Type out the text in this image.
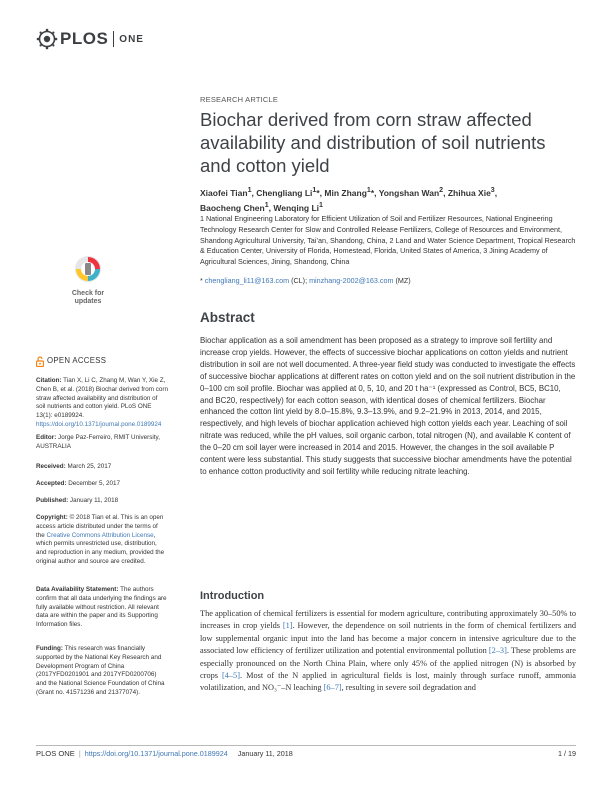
PLOS ONE
RESEARCH ARTICLE
Biochar derived from corn straw affected availability and distribution of soil nutrients and cotton yield
Xiaofei Tian$^1$, Chengliang Li$^1$*, Min Zhang$^1$*, Yongshan Wan$^2$, Zhihua Xie$^3$,
Baocheng Chen$^1$, Wenqing Li$^1$
1 National Engineering Laboratory for Efficient Utilization of Soil and Fertilizer Resources, National Engineering Technology Research Center for Slow and Controlled Release Fertilizers, College of Resources and Environment, Shandong Agricultural University, Tai’an, Shandong, China, 2 Land and Water Science Department, Tropical Research & Education Center, University of Florida, Homestead, Florida, United States of America, 3 Jining Academy of Agricultural Sciences, Jining, Shandong, China
* chengliang_li11@163.com (CL); minzhang-2002@163.com (MZ)
Abstract

Biochar application as a soil amendment has been proposed as a strategy to improve soil fertility and increase crop yields. However, the effects of successive biochar applications on cotton yields and nutrient distribution in soil are not well documented. A three-year field study was conducted to investigate the effects of successive biochar applications at different rates on cotton yield and on the soil nutrient distribution in the 0–100 cm soil profile. Biochar was applied at 0, 5, 10, and 20 t ha⁻¹ (expressed as Control, BC5, BC10, and BC20, respectively) for each cotton season, with identical doses of chemical fertilizers. Biochar enhanced the cotton lint yield by 8.0–15.8%, 9.3–13.9%, and 9.2–21.9% in 2013, 2014, and 2015, respectively, and high levels of biochar application achieved high cotton yields each year. Leaching of soil nitrate was reduced, while the pH values, soil organic carbon, total nitrogen (N), and available K content of the 0–20 cm soil layer were increased in 2014 and 2015. However, the changes in the soil available P content were less substantial. This study suggests that successive biochar amendments have the potential to enhance cotton productivity and soil fertility while reducing nitrate leaching.

Introduction

The application of chemical fertilizers is essential for modern agriculture, contributing approximately 30–50% to increases in crop yields [1]. However, the dependence on soil nutrients in the form of chemical fertilizers and low supplemental organic input into the land has become a major concern in intensive agriculture due to the associated low efficiency of fertilizer utilization and potential environmental pollution [2–3]. These problems are especially pronounced on the North China Plain, where only 45% of the applied nitrogen (N) is absorbed by crops [4–5]. Most of the N applied in agricultural fields is lost, mainly through surface runoff, ammonia volatilization, and NO₃⁻–N leaching [6–7], resulting in severe soil degradation and

Check for
updates
OPEN ACCESS
Citation: Tian X, Li C, Zhang M, Wan Y, Xie Z, Chen B, et al. (2018) Biochar derived from corn straw affected availability and distribution of soil nutrients and cotton yield. PLoS ONE 13(1): e0189924. https://doi.org/10.1371/journal.pone.0189924
Editor: Jorge Paz-Ferreiro, RMIT University, AUSTRALIA
Received: March 25, 2017
Accepted: December 5, 2017
Published: January 11, 2018
Copyright: © 2018 Tian et al. This is an open access article distributed under the terms of the Creative Commons Attribution License, which permits unrestricted use, distribution, and reproduction in any medium, provided the original author and source are credited.
Data Availability Statement: The authors confirm that all data underlying the findings are fully available without restriction. All relevant data are within the paper and its Supporting Information files.
Funding: This research was financially supported by the National Key Research and Development Program of China (2017YFD0201901 and 2017YFD0200706) and the National Science Foundation of China (Grant no. 41571236 and 21377074).
PLOS ONE | https://doi.org/10.1371/journal.pone.0189924 January 11, 2018	1 / 19
